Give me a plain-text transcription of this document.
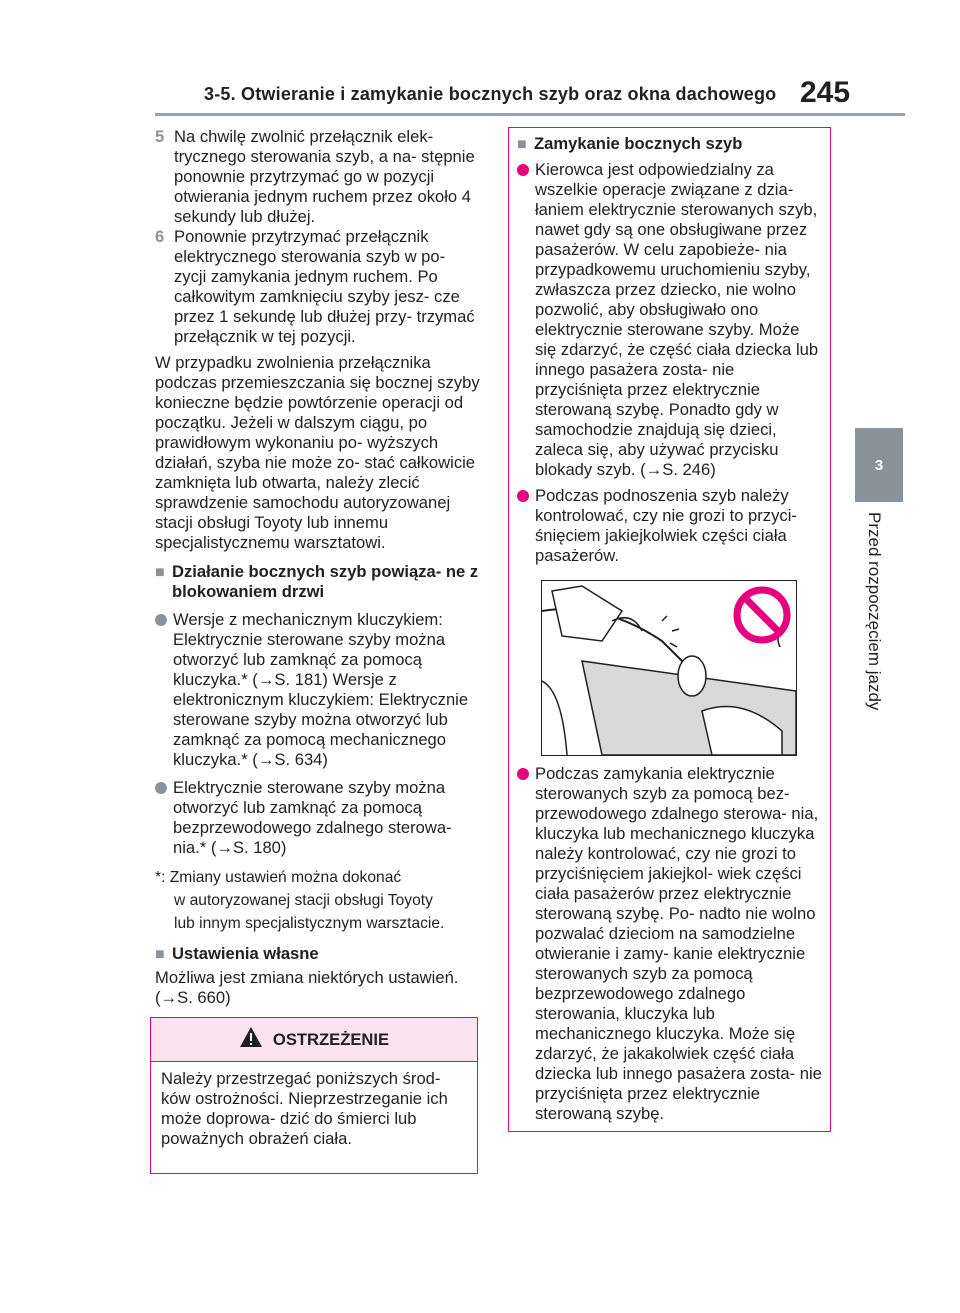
3-5. Otwieranie i zamykanie bocznych szyb oraz okna dachowego 245
3
Przed rozpoczęciem jazdy
5 Na chwilę zwolnić przełącznik elek- trycznego sterowania szyb, a na- stępnie ponownie przytrzymać go w pozycji otwierania jednym ruchem przez około 4 sekundy lub dłużej.
6 Ponownie przytrzymać przełącznik elektrycznego sterowania szyb w po- zycji zamykania jednym ruchem. Po całkowitym zamknięciu szyby jesz- cze przez 1 sekundę lub dłużej przy- trzymać przełącznik w tej pozycji.

W przypadku zwolnienia przełącznika podczas przemieszczania się bocznej szyby konieczne będzie powtórzenie operacji od początku. Jeżeli w dalszym ciągu, po prawidłowym wykonaniu po- wyższych działań, szyba nie może zo- stać całkowicie zamknięta lub otwarta, należy zlecić sprawdzenie samochodu autoryzowanej stacji obsługi Toyoty lub innemu specjalistycznemu warsztatowi.

■ Działanie bocznych szyb powiąza- ne z blokowaniem drzwi
Wersje z mechanicznym kluczykiem: Elektrycznie sterowane szyby można otworzyć lub zamknąć za pomocą kluczyka.* (→S. 181) Wersje z elektronicznym kluczykiem: Elektrycznie sterowane szyby można otworzyć lub zamknąć za pomocą mechanicznego kluczyka.* (→S. 634)
Elektrycznie sterowane szyby można otworzyć lub zamknąć za pomocą bezprzewodowego zdalnego sterowa- nia.* (→S. 180)
*: Zmiany ustawień można dokonać
w autoryzowanej stacji obsługi Toyoty
lub innym specjalistycznym warsztacie.
■ Ustawienia własne

Możliwa jest zmiana niektórych ustawień. (→S. 660)

OSTRZEŻENIE
Należy przestrzegać poniższych środ- ków ostrożności. Nieprzestrzeganie ich może doprowa- dzić do śmierci lub poważnych obrażeń ciała.
■ Zamykanie bocznych szyb
Kierowca jest odpowiedzialny za wszelkie operacje związane z dzia- łaniem elektrycznie sterowanych szyb, nawet gdy są one obsługiwane przez pasażerów. W celu zapobieże- nia przypadkowemu uruchomieniu szyby, zwłaszcza przez dziecko, nie wolno pozwolić, aby obsługiwało ono elektrycznie sterowane szyby. Może się zdarzyć, że część ciała dziecka lub innego pasażera zosta- nie przyciśnięta przez elektrycznie sterowaną szybę. Ponadto gdy w samochodzie znajdują się dzieci, zaleca się, aby używać przycisku blokady szyb. (→S. 246)
Podczas podnoszenia szyb należy kontrolować, czy nie grozi to przyci- śnięciem jakiejkolwiek części ciała pasażerów.
Podczas zamykania elektrycznie sterowanych szyb za pomocą bez- przewodowego zdalnego sterowa- nia, kluczyka lub mechanicznego kluczyka należy kontrolować, czy nie grozi to przyciśnięciem jakiejkol- wiek części ciała pasażerów przez elektrycznie sterowaną szybę. Po- nadto nie wolno pozwalać dzieciom na samodzielne otwieranie i zamy- kanie elektrycznie sterowanych szyb za pomocą bezprzewodowego zdalnego sterowania, kluczyka lub mechanicznego kluczyka. Może się zdarzyć, że jakakolwiek część ciała dziecka lub innego pasażera zosta- nie przyciśnięta przez elektrycznie sterowaną szybę.
